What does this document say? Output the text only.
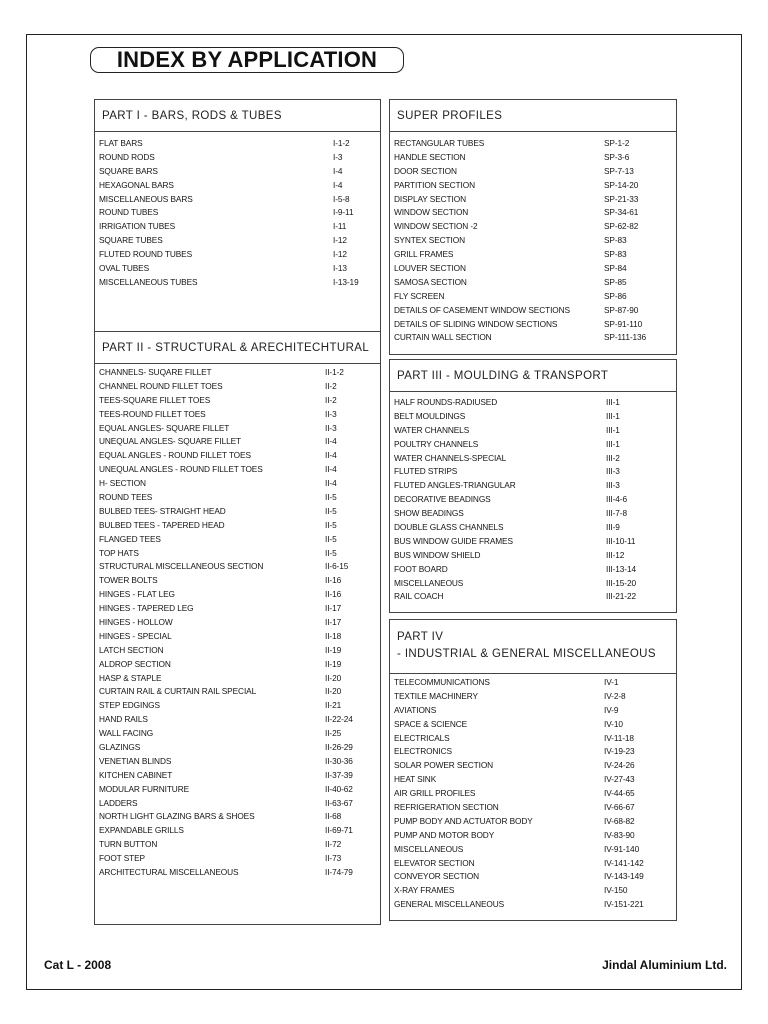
INDEX BY APPLICATION
PART I - BARS, RODS & TUBES
FLAT BARS	I-1-2
ROUND RODS	I-3
SQUARE BARS	I-4
HEXAGONAL BARS	I-4
MISCELLANEOUS BARS	I-5-8
ROUND TUBES	I-9-11
IRRIGATION TUBES	I-11
SQUARE TUBES	I-12
FLUTED ROUND TUBES	I-12
OVAL TUBES	I-13
MISCELLANEOUS TUBES	I-13-19
PART II - STRUCTURAL & ARECHITECHTURAL
CHANNELS- SUQARE FILLET	II-1-2
CHANNEL ROUND FILLET TOES	II-2
TEES-SQUARE FILLET TOES	II-2
TEES-ROUND FILLET TOES	II-3
EQUAL ANGLES- SQUARE FILLET	II-3
UNEQUAL ANGLES- SQUARE FILLET	II-4
EQUAL ANGLES - ROUND FILLET TOES	II-4
UNEQUAL ANGLES - ROUND FILLET TOES	II-4
H- SECTION	II-4
ROUND TEES	II-5
BULBED TEES- STRAIGHT HEAD	II-5
BULBED TEES - TAPERED HEAD	II-5
FLANGED TEES	II-5
TOP HATS	II-5
STRUCTURAL MISCELLANEOUS SECTION	II-6-15
TOWER BOLTS	II-16
HINGES - FLAT LEG	II-16
HINGES - TAPERED LEG	II-17
HINGES - HOLLOW	II-17
HINGES - SPECIAL	II-18
LATCH SECTION	II-19
ALDROP SECTION	II-19
HASP & STAPLE	II-20
CURTAIN RAIL & CURTAIN RAIL SPECIAL	II-20
STEP EDGINGS	II-21
HAND RAILS	II-22-24
WALL FACING	II-25
GLAZINGS	II-26-29
VENETIAN BLINDS	II-30-36
KITCHEN CABINET	II-37-39
MODULAR FURNITURE	II-40-62
LADDERS	II-63-67
NORTH LIGHT GLAZING BARS & SHOES	II-68
EXPANDABLE GRILLS	II-69-71
TURN BUTTON	II-72
FOOT STEP	II-73
ARCHITECTURAL MISCELLANEOUS	II-74-79
SUPER PROFILES
RECTANGULAR TUBES	SP-1-2
HANDLE SECTION	SP-3-6
DOOR SECTION	SP-7-13
PARTITION SECTION	SP-14-20
DISPLAY SECTION	SP-21-33
WINDOW SECTION	SP-34-61
WINDOW SECTION -2	SP-62-82
SYNTEX SECTION	SP-83
GRILL FRAMES	SP-83
LOUVER SECTION	SP-84
SAMOSA SECTION	SP-85
FLY SCREEN	SP-86
DETAILS OF CASEMENT WINDOW SECTIONS	SP-87-90
DETAILS OF SLIDING WINDOW SECTIONS	SP-91-110
CURTAIN WALL SECTION	SP-111-136
PART III - MOULDING & TRANSPORT
HALF ROUNDS-RADIUSED	III-1
BELT MOULDINGS	III-1
WATER CHANNELS	III-1
POULTRY CHANNELS	III-1
WATER CHANNELS-SPECIAL	III-2
FLUTED STRIPS	III-3
FLUTED ANGLES-TRIANGULAR	III-3
DECORATIVE BEADINGS	III-4-6
SHOW BEADINGS	III-7-8
DOUBLE GLASS CHANNELS	III-9
BUS WINDOW GUIDE FRAMES	III-10-11
BUS WINDOW SHIELD	III-12
FOOT BOARD	III-13-14
MISCELLANEOUS	III-15-20
RAIL COACH	III-21-22
PART IV
- INDUSTRIAL & GENERAL MISCELLANEOUS
TELECOMMUNICATIONS	IV-1
TEXTILE MACHINERY	IV-2-8
AVIATIONS	IV-9
SPACE & SCIENCE	IV-10
ELECTRICALS	IV-11-18
ELECTRONICS	IV-19-23
SOLAR POWER SECTION	IV-24-26
HEAT SINK	IV-27-43
AIR GRILL PROFILES	IV-44-65
REFRIGERATION SECTION	IV-66-67
PUMP BODY AND ACTUATOR BODY	IV-68-82
PUMP AND MOTOR BODY	IV-83-90
MISCELLANEOUS	IV-91-140
ELEVATOR SECTION	IV-141-142
CONVEYOR SECTION	IV-143-149
X-RAY FRAMES	IV-150
GENERAL MISCELLANEOUS	IV-151-221
Cat L - 2008	Jindal Aluminium Ltd.
